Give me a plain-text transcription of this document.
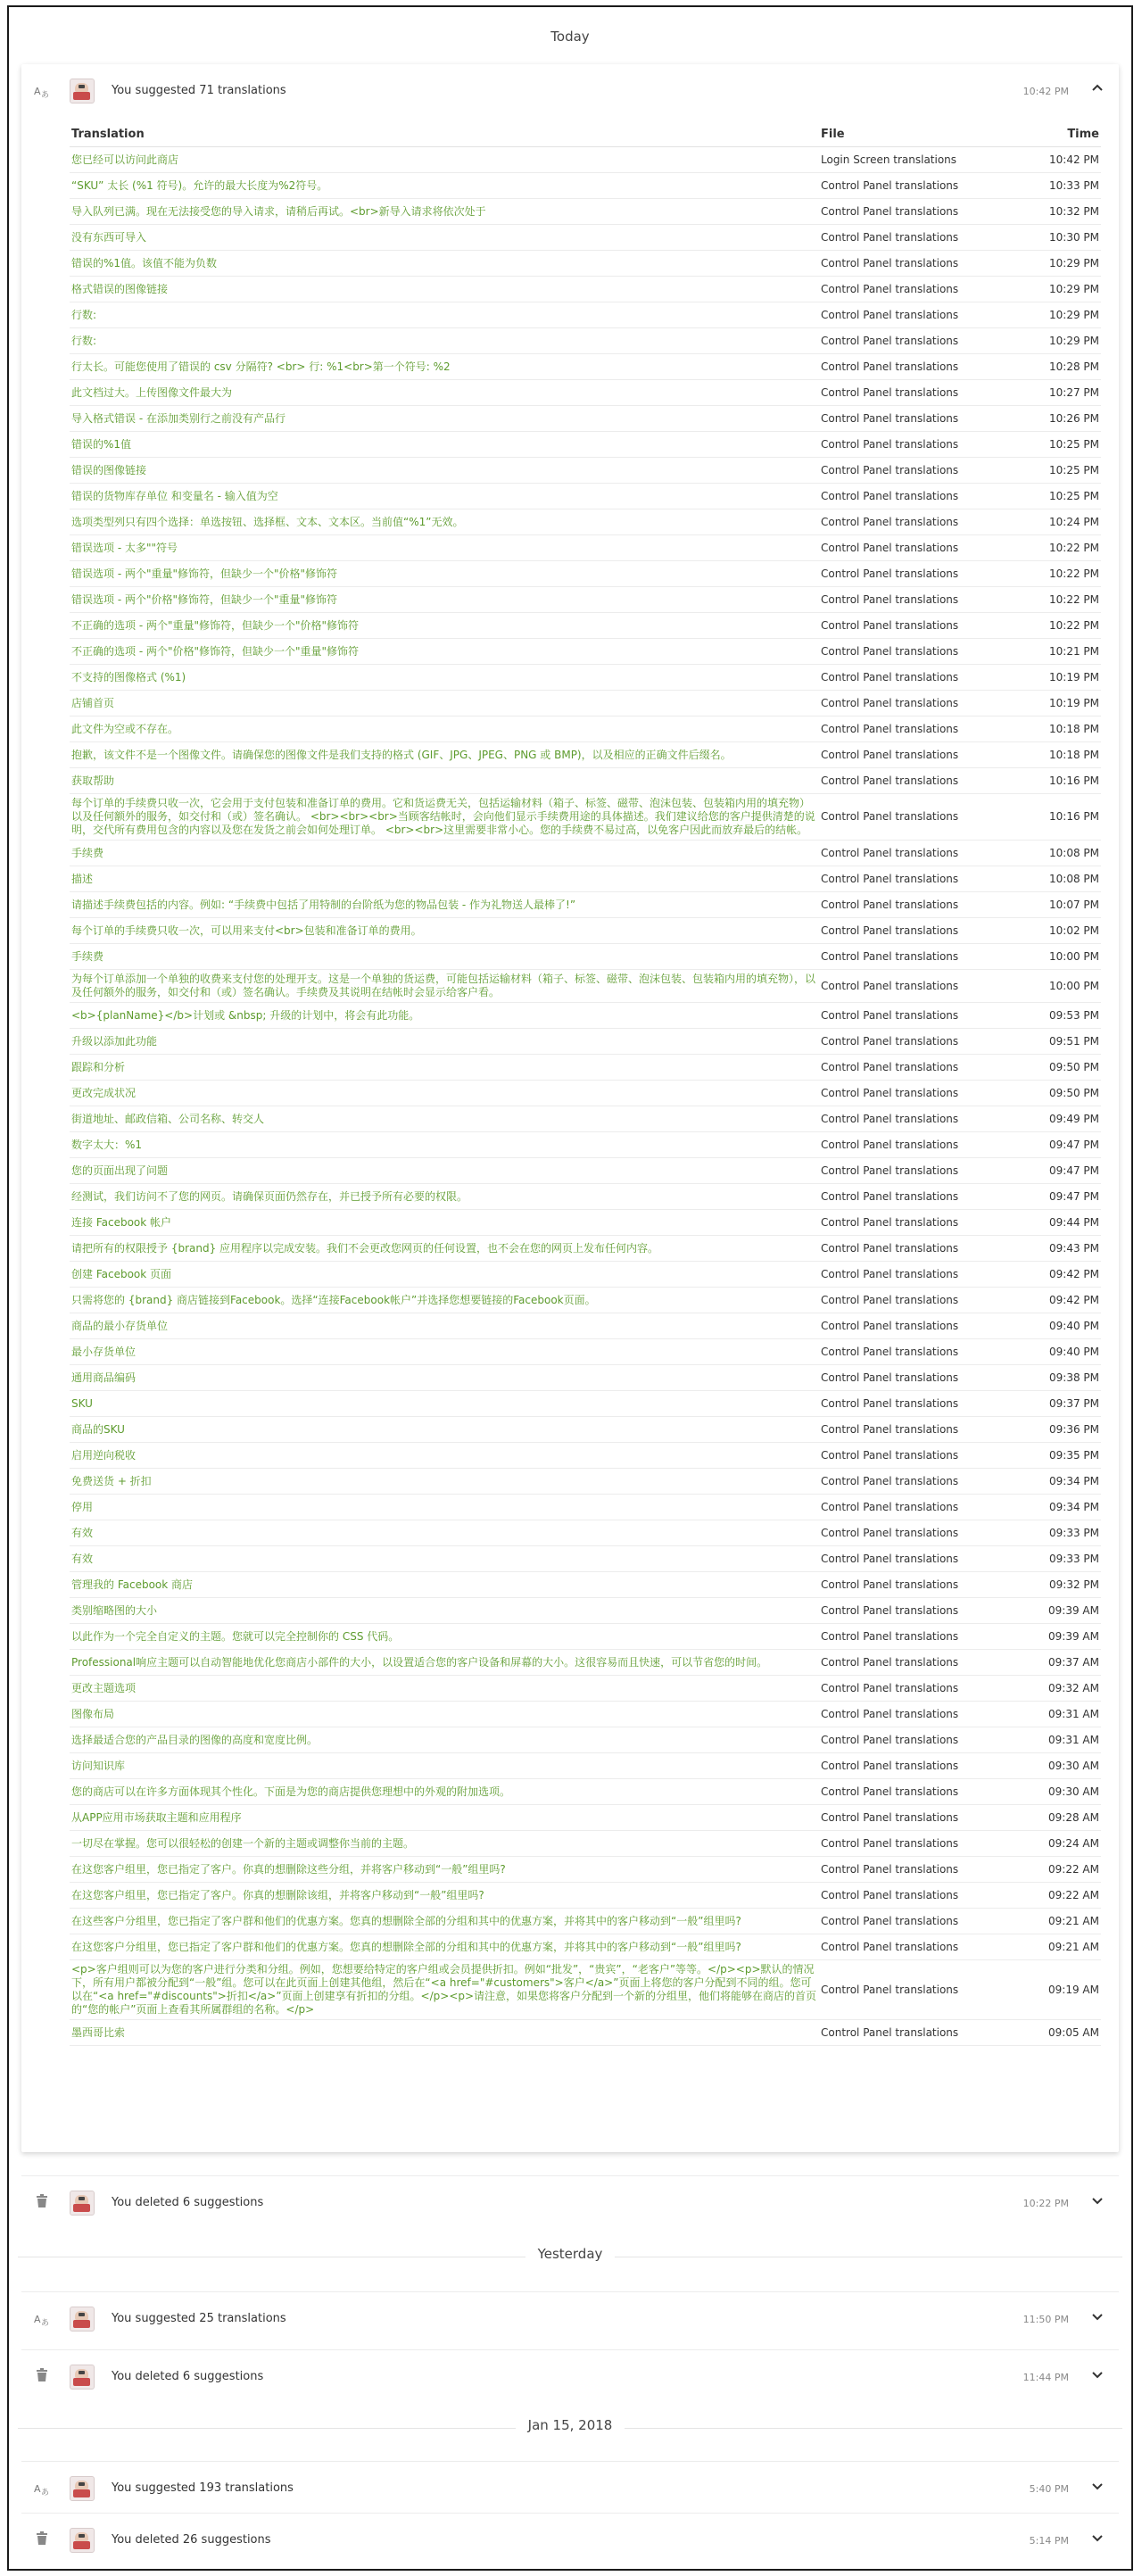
Today
A あ	You suggested 71 translations	10:42 PM
Translation	File	Time
您已经可以访问此商店	Login Screen translations	10:42 PM
“SKU” 太长 (%1 符号)。允许的最大长度为%2符号。	Control Panel translations	10:33 PM
导入队列已满。现在无法接受您的导入请求，请稍后再试。<br>新导入请求将依次处于	Control Panel translations	10:32 PM
没有东西可导入	Control Panel translations	10:30 PM
错误的%1值。该值不能为负数	Control Panel translations	10:29 PM
格式错误的图像链接	Control Panel translations	10:29 PM
行数:	Control Panel translations	10:29 PM
行数:	Control Panel translations	10:29 PM
行太长。可能您使用了错误的 csv 分隔符? <br> 行: %1<br>第一个符号: %2	Control Panel translations	10:28 PM
此文档过大。上传图像文件最大为	Control Panel translations	10:27 PM
导入格式错误 - 在添加类别行之前没有产品行	Control Panel translations	10:26 PM
错误的%1值	Control Panel translations	10:25 PM
错误的图像链接	Control Panel translations	10:25 PM
错误的货物库存单位 和变量名 - 输入值为空	Control Panel translations	10:25 PM
选项类型列只有四个选择：单选按钮、选择框、文本、文本区。当前值“%1”无效。	Control Panel translations	10:24 PM
错误选项 - 太多""符号	Control Panel translations	10:22 PM
错误选项 - 两个"重量"修饰符，但缺少一个"价格"修饰符	Control Panel translations	10:22 PM
错误选项 - 两个"价格"修饰符，但缺少一个"重量"修饰符	Control Panel translations	10:22 PM
不正确的选项 - 两个"重量"修饰符，但缺少一个"价格"修饰符	Control Panel translations	10:22 PM
不正确的选项 - 两个"价格"修饰符，但缺少一个"重量"修饰符	Control Panel translations	10:21 PM
不支持的图像格式 (%1)	Control Panel translations	10:19 PM
店铺首页	Control Panel translations	10:19 PM
此文件为空或不存在。	Control Panel translations	10:18 PM
抱歉，该文件不是一个图像文件。请确保您的图像文件是我们支持的格式 (GIF、JPG、JPEG、PNG 或 BMP)，以及相应的正确文件后缀名。	Control Panel translations	10:18 PM
获取帮助	Control Panel translations	10:16 PM
每个订单的手续费只收一次，它会用于支付包装和准备订单的费用。它和货运费无关，包括运输材料（箱子、标签、磁带、泡沫包装、包装箱内用的填充物）以及任何额外的服务，如交付和（或）签名确认。 <br><br><br>当顾客结帐时，会向他们显示手续费用途的具体描述。我们建议给您的客户提供清楚的说明，交代所有费用包含的内容以及您在发货之前会如何处理订单。 <br><br>这里需要非常小心。您的手续费不易过高，以免客户因此而放弃最后的结帐。	Control Panel translations	10:16 PM
手续费	Control Panel translations	10:08 PM
描述	Control Panel translations	10:08 PM
请描述手续费包括的内容。例如: “手续费中包括了用特制的台阶纸为您的物品包装 - 作为礼物送人最棒了!”	Control Panel translations	10:07 PM
每个订单的手续费只收一次，可以用来支付<br>包装和准备订单的费用。	Control Panel translations	10:02 PM
手续费	Control Panel translations	10:00 PM
为每个订单添加一个单独的收费来支付您的处理开支。这是一个单独的货运费，可能包括运输材料（箱子、标签、磁带、泡沫包装、包装箱内用的填充物），以及任何额外的服务，如交付和（或）签名确认。手续费及其说明在结帐时会显示给客户看。	Control Panel translations	10:00 PM
<b>{planName}</b>计划或 &nbsp; 升级的计划中，将会有此功能。	Control Panel translations	09:53 PM
升级以添加此功能	Control Panel translations	09:51 PM
跟踪和分析	Control Panel translations	09:50 PM
更改完成状况	Control Panel translations	09:50 PM
街道地址、邮政信箱、公司名称、转交人	Control Panel translations	09:49 PM
数字太大：%1	Control Panel translations	09:47 PM
您的页面出现了问题	Control Panel translations	09:47 PM
经测试，我们访问不了您的网页。请确保页面仍然存在，并已授予所有必要的权限。	Control Panel translations	09:47 PM
连接 Facebook 帐户	Control Panel translations	09:44 PM
请把所有的权限授予 {brand} 应用程序以完成安装。我们不会更改您网页的任何设置，也不会在您的网页上发布任何内容。	Control Panel translations	09:43 PM
创建 Facebook 页面	Control Panel translations	09:42 PM
只需将您的 {brand} 商店链接到Facebook。选择“连接Facebook帐户”并选择您想要链接的Facebook页面。	Control Panel translations	09:42 PM
商品的最小存货单位	Control Panel translations	09:40 PM
最小存货单位	Control Panel translations	09:40 PM
通用商品编码	Control Panel translations	09:38 PM
SKU	Control Panel translations	09:37 PM
商品的SKU	Control Panel translations	09:36 PM
启用逆向税收	Control Panel translations	09:35 PM
免费送货 + 折扣	Control Panel translations	09:34 PM
停用	Control Panel translations	09:34 PM
有效	Control Panel translations	09:33 PM
有效	Control Panel translations	09:33 PM
管理我的 Facebook 商店	Control Panel translations	09:32 PM
类别缩略图的大小	Control Panel translations	09:39 AM
以此作为一个完全自定义的主题。您就可以完全控制你的 CSS 代码。	Control Panel translations	09:39 AM
Professional响应主题可以自动智能地优化您商店小部件的大小，以设置适合您的客户设备和屏幕的大小。这很容易而且快速，可以节省您的时间。	Control Panel translations	09:37 AM
更改主题选项	Control Panel translations	09:32 AM
图像布局	Control Panel translations	09:31 AM
选择最适合您的产品目录的图像的高度和宽度比例。	Control Panel translations	09:31 AM
访问知识库	Control Panel translations	09:30 AM
您的商店可以在许多方面体现其个性化。下面是为您的商店提供您理想中的外观的附加选项。	Control Panel translations	09:30 AM
从APP应用市场获取主题和应用程序	Control Panel translations	09:28 AM
一切尽在掌握。您可以很轻松的创建一个新的主题或调整你当前的主题。	Control Panel translations	09:24 AM
在这您客户组里，您已指定了客户。你真的想删除这些分组，并将客户移动到“一般”组里吗?	Control Panel translations	09:22 AM
在这您客户组里，您已指定了客户。你真的想删除该组，并将客户移动到“一般”组里吗?	Control Panel translations	09:22 AM
在这些客户分组里，您已指定了客户群和他们的优惠方案。您真的想删除全部的分组和其中的优惠方案，并将其中的客户移动到“一般”组里吗?	Control Panel translations	09:21 AM
在这您客户分组里，您已指定了客户群和他们的优惠方案。您真的想删除全部的分组和其中的优惠方案，并将其中的客户移动到“一般”组里吗?	Control Panel translations	09:21 AM
<p>客户组则可以为您的客户进行分类和分组。例如，您想要给特定的客户组或会员提供折扣。例如“批发”，“贵宾”，“老客户”等等。</p><p>默认的情况下，所有用户都被分配到“一般”组。您可以在此页面上创建其他组，然后在“<a href="#customers">客户</a>”页面上将您的客户分配到不同的组。您可以在“<a href="#discounts">折扣</a>”页面上创建享有折扣的分组。</p><p>请注意，如果您将客户分配到一个新的分组里，他们将能够在商店的首页的“您的帐户”页面上查看其所属群组的名称。</p>	Control Panel translations	09:19 AM
墨西哥比索	Control Panel translations	09:05 AM
You deleted 6 suggestions	10:22 PM
Yesterday
A あ	You suggested 25 translations	11:50 PM
You deleted 6 suggestions	11:44 PM
Jan 15, 2018
A あ	You suggested 193 translations	5:40 PM
You deleted 26 suggestions	5:14 PM
